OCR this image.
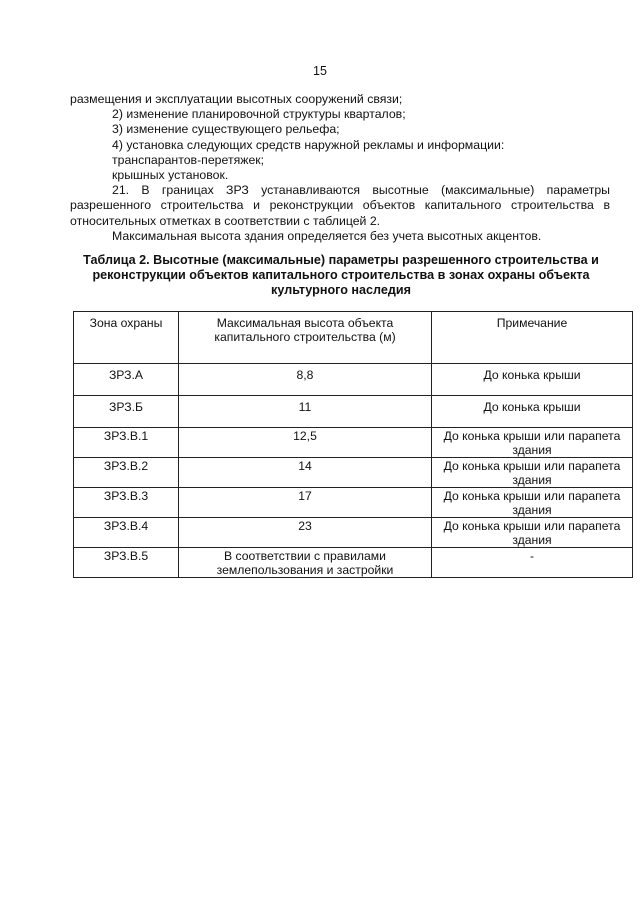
15

размещения и эксплуатации высотных сооружений связи;

2) изменение планировочной структуры кварталов;

3) изменение существующего рельефа;

4) установка следующих средств наружной рекламы и информации:

транспарантов-перетяжек;

крышных установок.

21. В границах ЗРЗ устанавливаются высотные (максимальные) параметры разрешенного строительства и реконструкции объектов капитального строительства в относительных отметках в соответствии с таблицей 2.

Максимальная высота здания определяется без учета высотных акцентов.

Таблица 2. Высотные (максимальные) параметры разрешенного строительства и реконструкции объектов капитального строительства в зонах охраны объекта культурного наследия
Зона охраны	Максимальная высота объекта капитального строительства (м)	Примечание
ЗРЗ.А	8,8	До конька крыши
ЗРЗ.Б	11	До конька крыши
ЗРЗ.В.1	12,5	До конька крыши или парапета здания
ЗРЗ.В.2	14	До конька крыши или парапета здания
ЗРЗ.В.3	17	До конька крыши или парапета здания
ЗРЗ.В.4	23	До конька крыши или парапета здания
ЗРЗ.В.5	В соответствии с правилами землепользования и застройки	-
